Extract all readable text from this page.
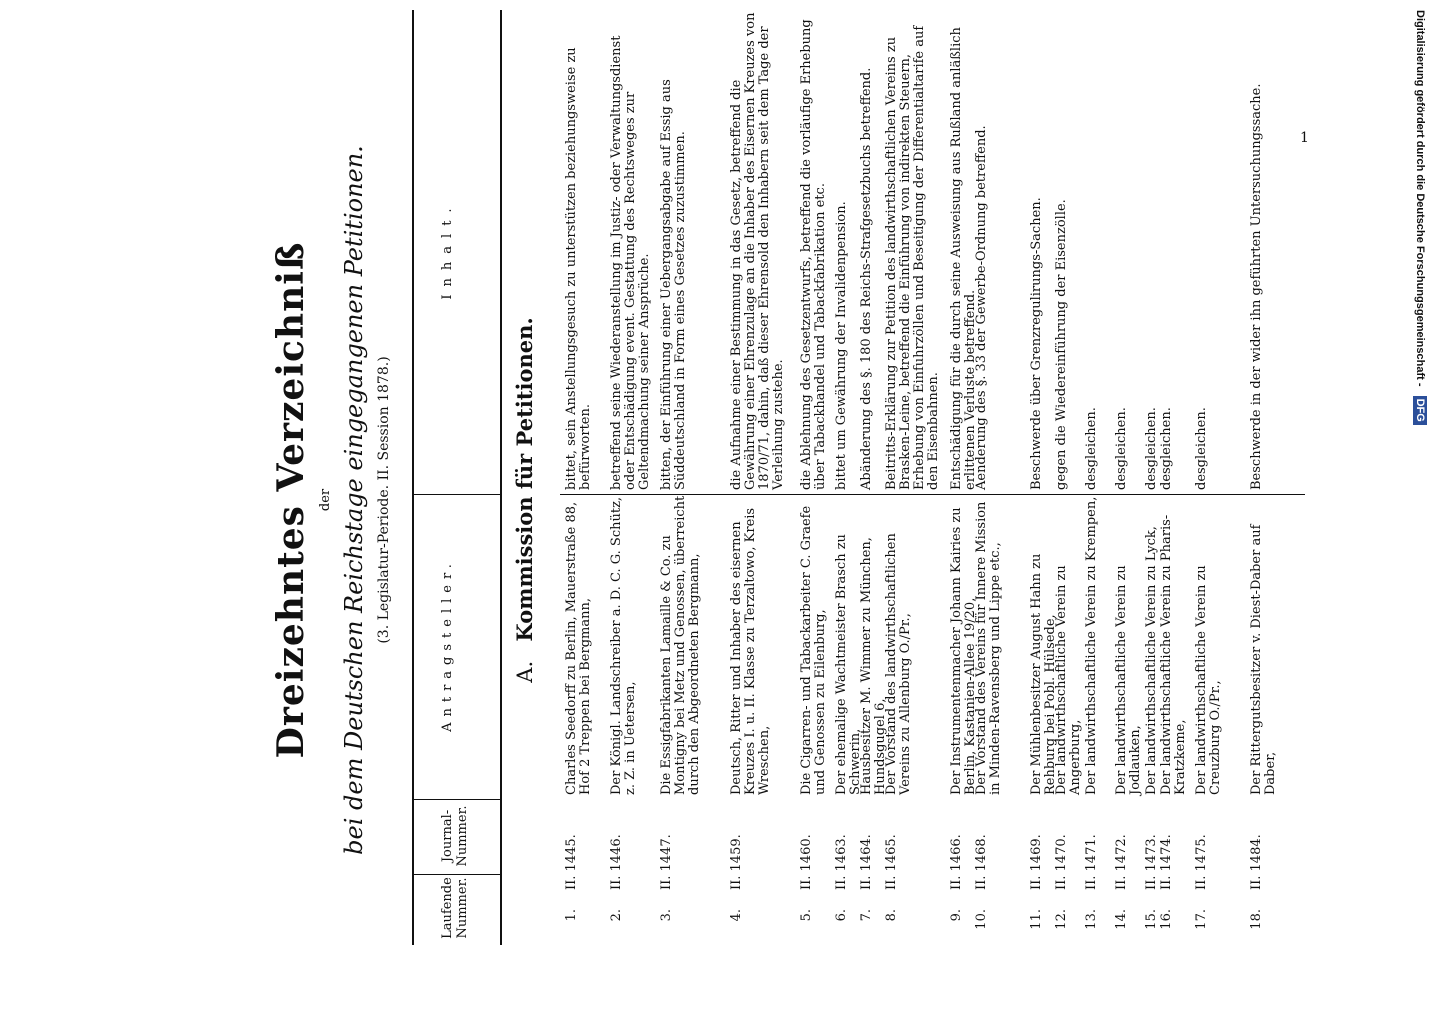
Dreizehntes Verzeichniß der bei dem Deutschen Reichstage eingegangenen Petitionen. (3. Legislatur-Periode. II. Session 1878.)
Laufende Nummer.
Journal-Nummer.
Antragsteller.
Inhalt.
A. Kommission für Petitionen.
1.
II. 1445.
Charles Seedorff zu Berlin, Mauerstraße 88, Hof 2 Treppen bei Bergmann,
bittet, sein Anstellungsgesuch zu unterstützen beziehungsweise zu befürworten.
2.
II. 1446.
Der Königl. Landschreiber a. D. C. G. Schütz, z. Z. in Uetersen,
betreffend seine Wiederanstellung im Justiz- oder Verwaltungsdienst oder Entschädigung event. Gestattung des Rechtsweges zur Geltendmachung seiner Ansprüche.
3.
II. 1447.
Die Essigfabrikanten Lamaille & Co. zu Montigny bei Metz und Genossen, überreicht durch den Abgeordneten Bergmann,
bitten, der Einführung einer Uebergangsabgabe auf Essig aus Süddeutschland in Form eines Gesetzes zuzustimmen.
4.
II. 1459.
Deutsch, Ritter und Inhaber des eisernen Kreuzes I. u. II. Klasse zu Terzaltowo, Kreis Wreschen,
die Aufnahme einer Bestimmung in das Gesetz, betreffend die Gewährung einer Ehrenzulage an die Inhaber des Eisernen Kreuzes von 1870/71, dahin, daß dieser Ehrensold den Inhabern seit dem Tage der Verleihung zustehe.
5.
II. 1460.
Die Cigarren- und Tabackarbeiter C. Graefe und Genossen zu Eilenburg,
die Ablehnung des Gesetzentwurfs, betreffend die vorläufige Erhebung über Tabackhandel und Tabackfabrikation etc.
6.
II. 1463.
Der ehemalige Wachtmeister Brasch zu Schwerin,
bittet um Gewährung der Invalidenpension.
7.
II. 1464.
Hausbesitzer M. Wimmer zu München, Hundsgugel 6,
Abänderung des §. 180 des Reichs-Strafgesetzbuchs betreffend.
8.
II. 1465.
Der Vorstand des landwirthschaftlichen Vereins zu Allenburg O./Pr.,
Beitritts-Erklärung zur Petition des landwirthschaftlichen Vereins zu Brasken-Leine, betreffend die Einführung von indirekten Steuern, Erhebung von Einfuhrzöllen und Beseitigung der Differentialtarife auf den Eisenbahnen.
9.
II. 1466.
Der Instrumentenmacher Johann Kairies zu Berlin, Kastanien-Allee 19/20,
Entschädigung für die durch seine Ausweisung aus Rußland anläßlich erlittenen Verluste betreffend.
10.
II. 1468.
Der Vorstand des Vereins für Innere Mission in Minden-Ravensberg und Lippe etc.,
Aenderung des §. 33 der Gewerbe-Ordnung betreffend.
11.
II. 1469.
Der Mühlenbesitzer August Hahn zu Rehburg bei Pobl. Hülsede,
Beschwerde über Grenzregulirungs-Sachen.
12.
II. 1470.
Der landwirthschaftliche Verein zu Angerburg,
gegen die Wiedereinführung der Eisenzölle.
13.
II. 1471.
Der landwirthschaftliche Verein zu Krempen,
desgleichen.
14.
II. 1472.
Der landwirthschaftliche Verein zu Jodlauken,
desgleichen.
15.
II. 1473.
Der landwirthschaftliche Verein zu Lyck,
desgleichen.
16.
II. 1474.
Der landwirthschaftliche Verein zu Pharis-Kratzkeme,
desgleichen.
17.
II. 1475.
Der landwirthschaftliche Verein zu Creuzburg O./Pr.,
desgleichen.
18.
II. 1484.
Der Rittergutsbesitzer v. Diest-Daber auf Daber,
Beschwerde in der wider ihn geführten Untersuchungssache.	1	Digitalisierung gefördert durch die Deutsche Forschungsgemeinschaft - DFG
